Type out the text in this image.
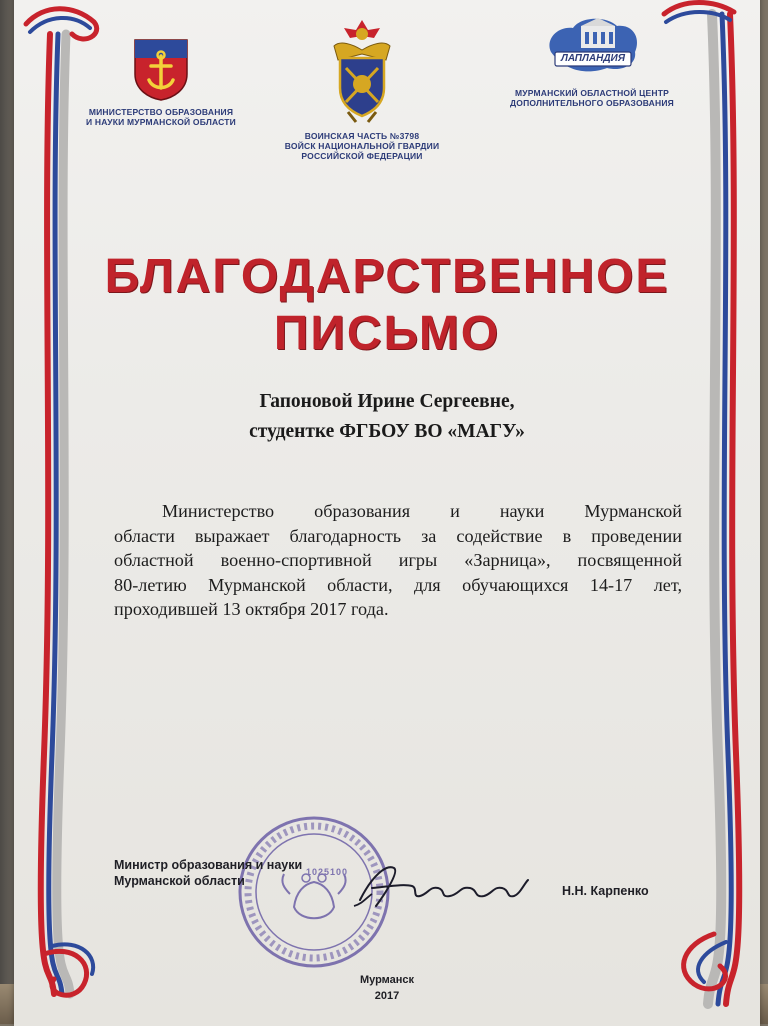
МИНИСТЕРСТВО ОБРАЗОВАНИЯ
И НАУКИ МУРМАНСКОЙ ОБЛАСТИ
ВОИНСКАЯ ЧАСТЬ №3798
ВОЙСК НАЦИОНАЛЬНОЙ ГВАРДИИ
РОССИЙСКОЙ ФЕДЕРАЦИИ
ЛАПЛАНДИЯ
МУРМАНСКИЙ ОБЛАСТНОЙ ЦЕНТР
ДОПОЛНИТЕЛЬНОГО ОБРАЗОВАНИЯ
БЛАГОДАРСТВЕННОЕ
ПИСЬМО
Гапоновой Ирине Сергеевне,
студентке ФГБОУ ВО «МАГУ»
Министерство образования и науки Мурманской
области выражает благодарность за содействие в проведении
областной военно-спортивной игры «Зарница», посвященной
80-летию Мурманской области, для обучающихся 14-17 лет,
проходившей 13 октября 2017 года.
1025100
Министр образования и науки
Мурманской области
Н.Н. Карпенко
Мурманск
2017
